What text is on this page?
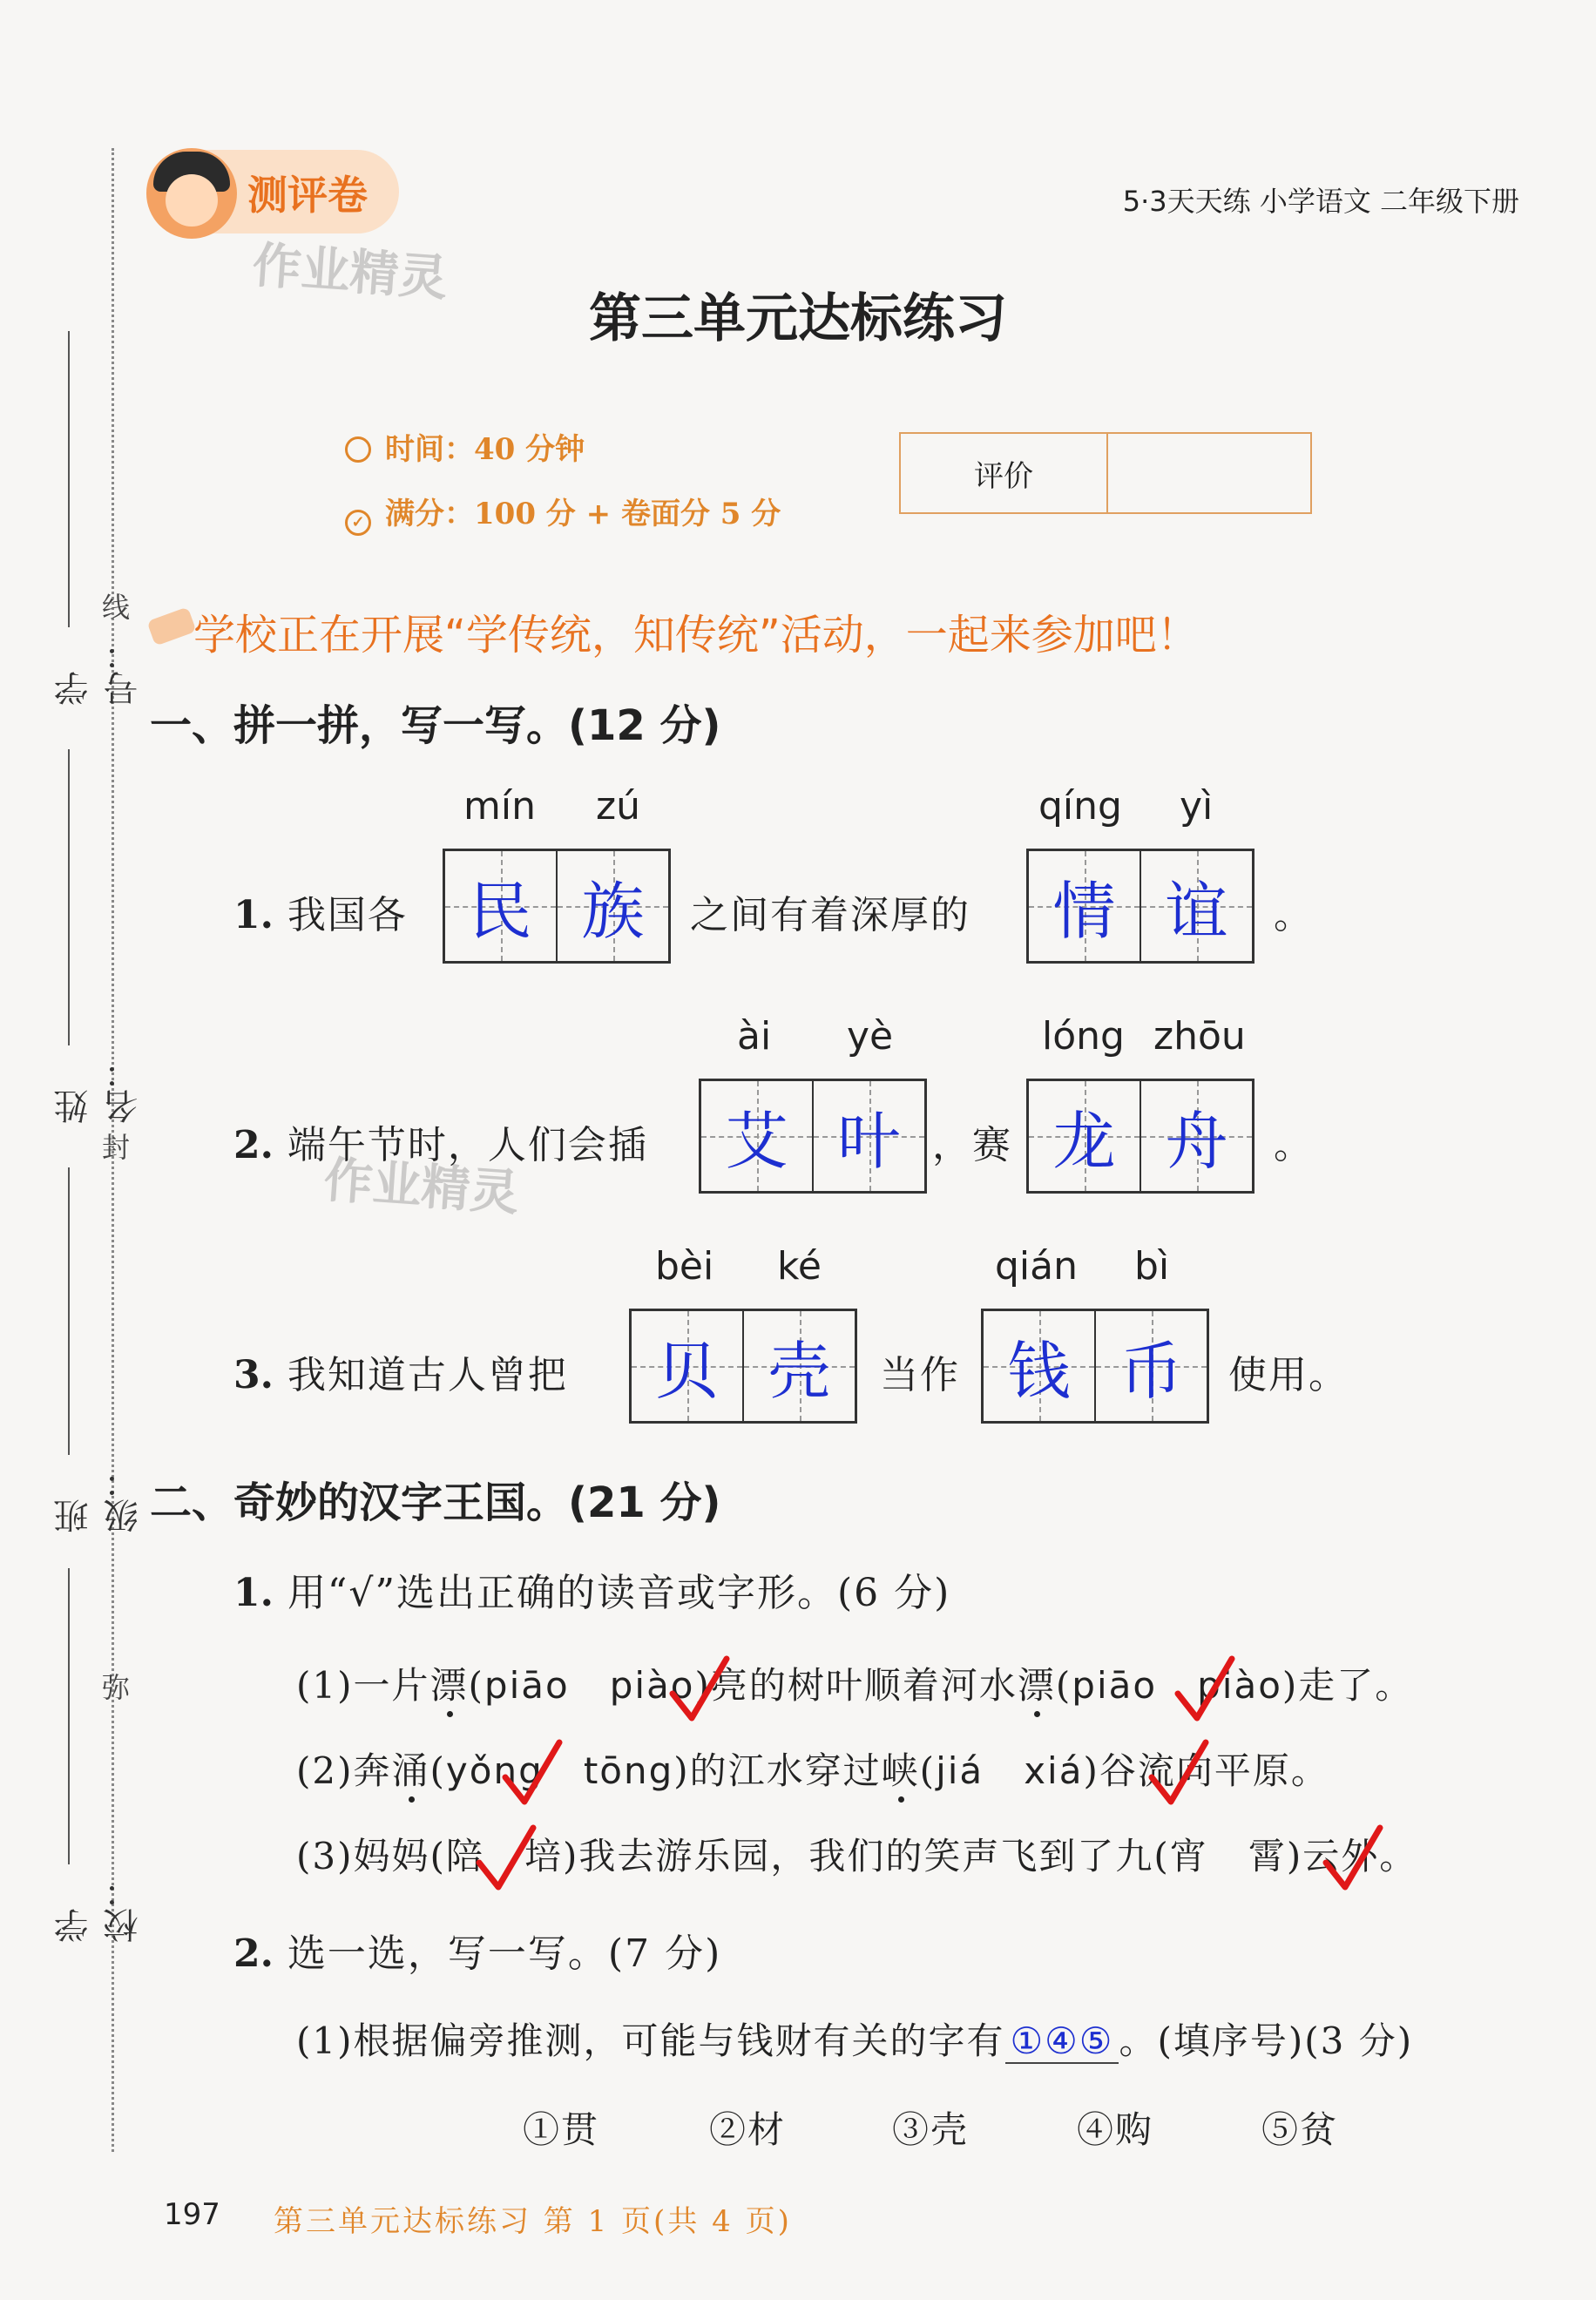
线
封
弥
学号：
姓名：
班级：
学校：
测评卷	5·3天天练 小学语文 二年级下册
作业精灵
作业精灵
第三单元达标练习
时间：40 分钟
✓ 满分：100 分 + 卷面分 5 分
评价
学校正在开展“学传统，知传统”活动，一起来参加吧！
一、拼一拼，写一写。(12 分)
mín zú	qíng yì
1. 我国各 民 族 之间有着深厚的 情 谊 。
ài yè	lóng zhōu
2. 端午节时，人们会插 艾 叶 ，赛 龙 舟 。
bèi ké	qián bì
3. 我知道古人曾把 贝 壳 当作 钱 币 使用。
二、奇妙的汉字王国。(21 分)
1. 用“√”选出正确的读音或字形。(6 分)
(1)一片漂(piāo piào)亮的树叶顺着河水漂(piāo piào)走了。
(2)奔涌(yǒng tōng)的江水穿过峡(jiá xiá)谷流向平原。
(3)妈妈(陪 培)我去游乐园，我们的笑声飞到了九(宵 霄)云外。
2. 选一选，写一写。(7 分)
(1)根据偏旁推测，可能与钱财有关的字有 ①④⑤ 。(填序号)(3 分)
①贯	②材	③壳	④购	⑤贫
197 第三单元达标练习 第 1 页(共 4 页)
